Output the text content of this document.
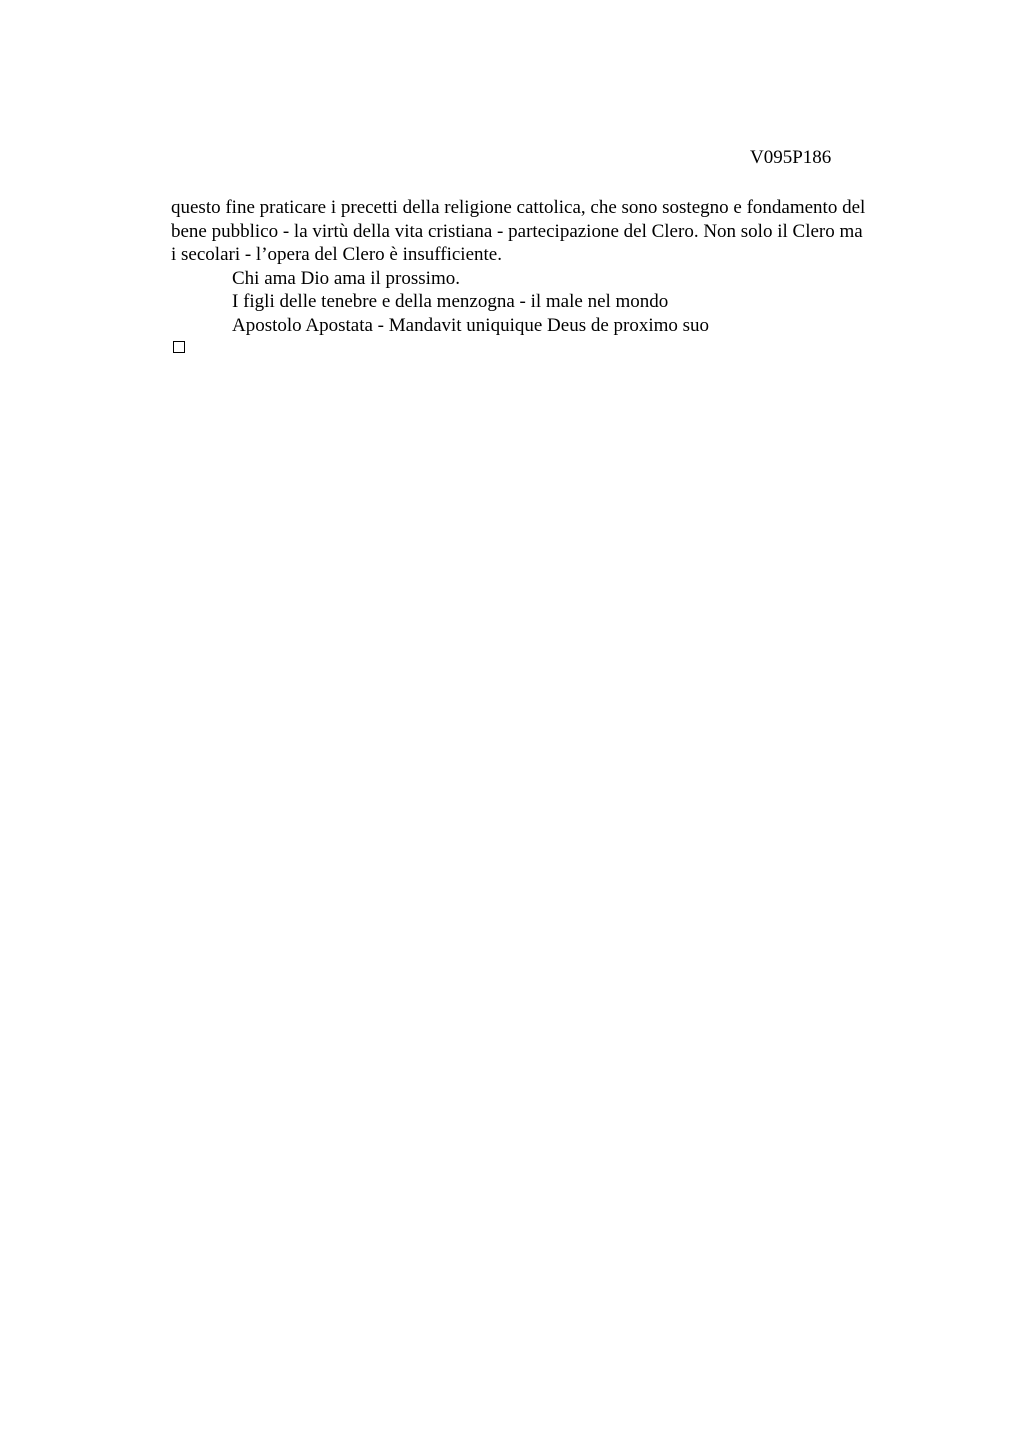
V095P186

questo fine praticare i precetti della religione cattolica, che sono sostegno e fondamento del

bene pubblico - la virtù della vita cristiana - partecipazione del Clero. Non solo il Clero ma

i secolari - l’opera del Clero è insufficiente.

Chi ama Dio ama il prossimo.

I figli delle tenebre e della menzogna - il male nel mondo

Apostolo Apostata - Mandavit uniquique Deus de proximo suo
